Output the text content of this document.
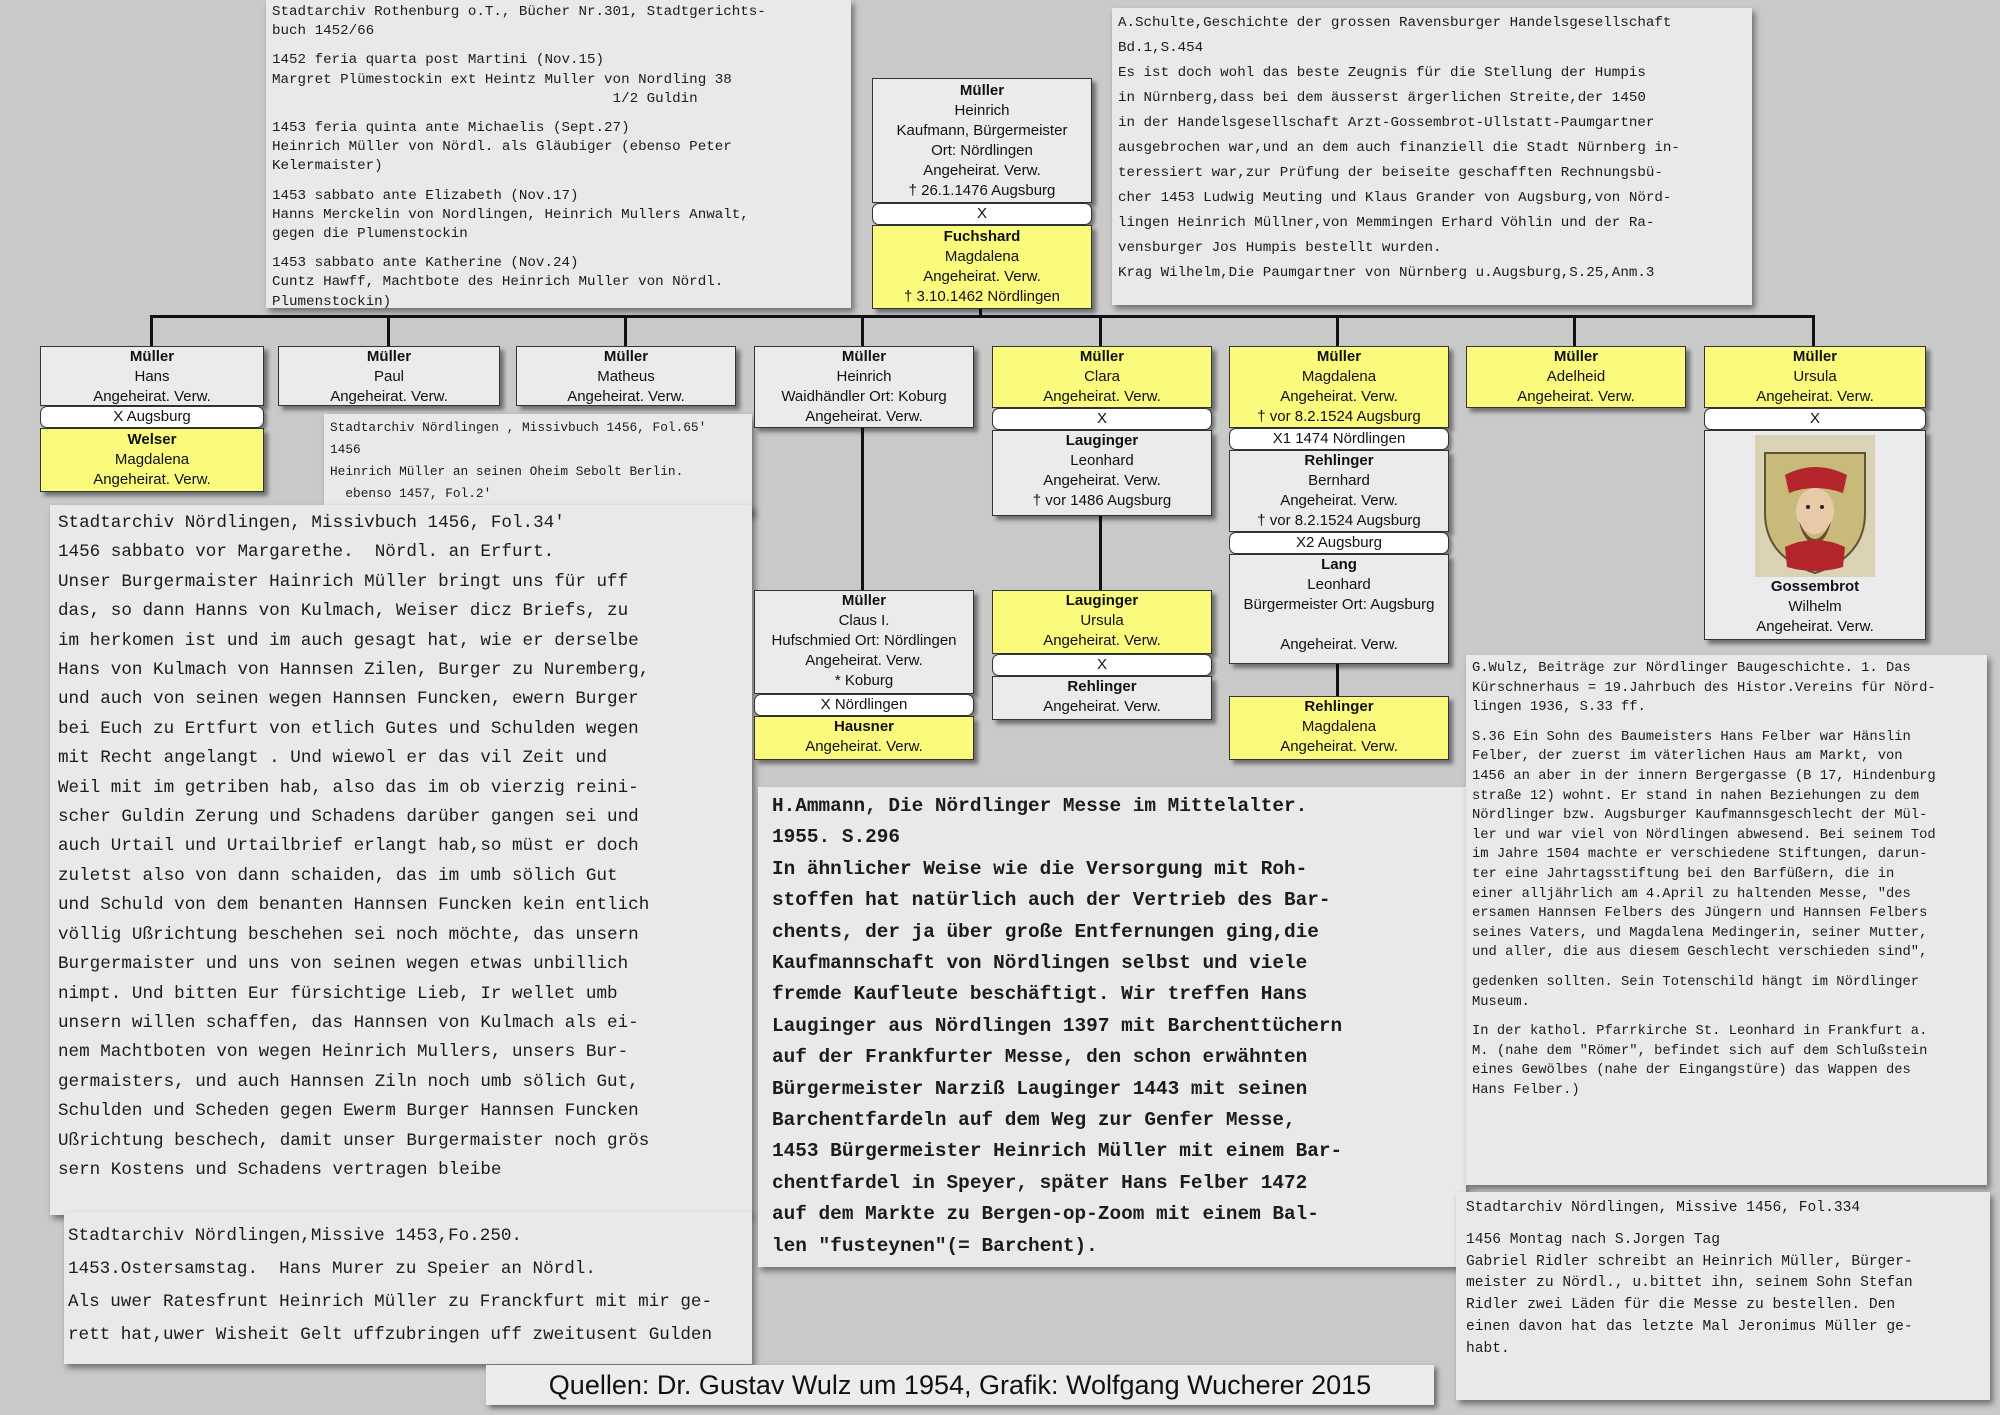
Stadtarchiv Rothenburg o.T., Bücher Nr.301, Stadtgerichts-
buch 1452/66
1452 feria quarta post Martini (Nov.15)
Margret Plümestockin ext Heintz Muller von Nordling 38
1/2 Guldin
1453 feria quinta ante Michaelis (Sept.27)
Heinrich Müller von Nördl. als Gläubiger (ebenso Peter
Kelermaister)
1453 sabbato ante Elizabeth (Nov.17)
Hanns Merckelin von Nordlingen, Heinrich Mullers Anwalt,
gegen die Plumenstockin
1453 sabbato ante Katherine (Nov.24)
Cuntz Hawff, Machtbote des Heinrich Muller von Nördl.
Plumenstockin)
A.Schulte,Geschichte der grossen Ravensburger Handelsgesellschaft
Bd.1,S.454
Es ist doch wohl das beste Zeugnis für die Stellung der Humpis
in Nürnberg,dass bei dem äusserst ärgerlichen Streite,der 1450
in der Handelsgesellschaft Arzt-Gossembrot-Ullstatt-Paumgartner
ausgebrochen war,und an dem auch finanziell die Stadt Nürnberg in-
teressiert war,zur Prüfung der beiseite geschafften Rechnungsbü-
cher 1453 Ludwig Meuting und Klaus Grander von Augsburg,von Nörd-
lingen Heinrich Müllner,von Memmingen Erhard Vöhlin und der Ra-
vensburger Jos Humpis bestellt wurden.
Krag Wilhelm,Die Paumgartner von Nürnberg u.Augsburg,S.25,Anm.3
Stadtarchiv Nördlingen , Missivbuch 1456, Fol.65'
1456
Heinrich Müller an seinen Oheim Sebolt Berlin.
ebenso 1457, Fol.2'
Stadtarchiv Nördlingen, Missivbuch 1456, Fol.34'
1456 sabbato vor Margarethe.  Nördl. an Erfurt.
Unser Burgermaister Hainrich Müller bringt uns für uff
das, so dann Hanns von Kulmach, Weiser dicz Briefs, zu
im herkomen ist und im auch gesagt hat, wie er derselbe
Hans von Kulmach von Hannsen Zilen, Burger zu Nuremberg,
und auch von seinen wegen Hannsen Funcken, ewern Burger
bei Euch zu Ertfurt von etlich Gutes und Schulden wegen
mit Recht angelangt . Und wiewol er das vil Zeit und
Weil mit im getriben hab, also das im ob vierzig reini-
scher Guldin Zerung und Schadens darüber gangen sei und
auch Urtail und Urtailbrief erlangt hab,so müst er doch
zuletst also von dann schaiden, das im umb sölich Gut
und Schuld von dem benanten Hannsen Funcken kein entlich
völlig Ußrichtung beschehen sei noch möchte, das unsern
Burgermaister und uns von seinen wegen etwas unbillich
nimpt. Und bitten Eur fürsichtige Lieb, Ir wellet umb
unsern willen schaffen, das Hannsen von Kulmach als ei-
nem Machtboten von wegen Heinrich Mullers, unsers Bur-
germaisters, und auch Hannsen Ziln noch umb sölich Gut,
Schulden und Scheden gegen Ewerm Burger Hannsen Funcken
Ußrichtung beschech, damit unser Burgermaister noch grös
sern Kostens und Schadens vertragen bleibe
Stadtarchiv Nördlingen,Missive 1453,Fo.250.
1453.Ostersamstag.  Hans Murer zu Speier an Nördl.
Als uwer Ratesfrunt Heinrich Müller zu Franckfurt mit mir ge-
rett hat,uwer Wisheit Gelt uffzubringen uff zweitusent Gulden
H.Ammann, Die Nördlinger Messe im Mittelalter.
1955. S.296
In ähnlicher Weise wie die Versorgung mit Roh-
stoffen hat natürlich auch der Vertrieb des Bar-
chents, der ja über große Entfernungen ging,die
Kaufmannschaft von Nördlingen selbst und viele
fremde Kaufleute beschäftigt. Wir treffen Hans
Lauginger aus Nördlingen 1397 mit Barchenttüchern
auf der Frankfurter Messe, den schon erwähnten
Bürgermeister Narziß Lauginger 1443 mit seinen
Barchentfardeln auf dem Weg zur Genfer Messe,
1453 Bürgermeister Heinrich Müller mit einem Bar-
chentfardel in Speyer, später Hans Felber 1472
auf dem Markte zu Bergen-op-Zoom mit einem Bal-
len "fusteynen"(= Barchent).
G.Wulz, Beiträge zur Nördlinger Baugeschichte. 1. Das
Kürschnerhaus = 19.Jahrbuch des Histor.Vereins für Nörd-
lingen 1936, S.33 ff.
S.36 Ein Sohn des Baumeisters Hans Felber war Hänslin
Felber, der zuerst im väterlichen Haus am Markt, von
1456 an aber in der innern Bergergasse (B 17, Hindenburg
straße 12) wohnt. Er stand in nahen Beziehungen zu dem
Nördlinger bzw. Augsburger Kaufmannsgeschlecht der Mül-
ler und war viel von Nördlingen abwesend. Bei seinem Tod
im Jahre 1504 machte er verschiedene Stiftungen, darun-
ter eine Jahrtagsstiftung bei den Barfüßern, die in
einer alljährlich am 4.April zu haltenden Messe, "des
ersamen Hannsen Felbers des Jüngern und Hannsen Felbers
seines Vaters, und Magdalena Medingerin, seiner Mutter,
und aller, die aus diesem Geschlecht verschieden sind",
gedenken sollten. Sein Totenschild hängt im Nördlinger
Museum.
In der kathol. Pfarrkirche St. Leonhard in Frankfurt a.
M. (nahe dem "Römer", befindet sich auf dem Schlußstein
eines Gewölbes (nahe der Eingangstüre) das Wappen des
Hans Felber.)
Stadtarchiv Nördlingen, Missive 1456, Fol.334
1456 Montag nach S.Jorgen Tag
Gabriel Ridler schreibt an Heinrich Müller, Bürger-
meister zu Nördl., u.bittet ihn, seinem Sohn Stefan
Ridler zwei Läden für die Messe zu bestellen. Den
einen davon hat das letzte Mal Jeronimus Müller ge-
habt.
Müller
Heinrich
Kaufmann, Bürgermeister
Ort: Nördlingen
Angeheirat. Verw.
† 26.1.1476 Augsburg
X
Fuchshard
Magdalena
Angeheirat. Verw.
† 3.10.1462 Nördlingen
Müller
Hans
Angeheirat. Verw.
X Augsburg
Welser
Magdalena
Angeheirat. Verw.
Müller
Paul
Angeheirat. Verw.
Müller
Matheus
Angeheirat. Verw.
Müller
Heinrich
Waidhändler Ort: Koburg
Angeheirat. Verw.
Müller
Claus I.
Hufschmied Ort: Nördlingen
Angeheirat. Verw.
* Koburg
X Nördlingen
Hausner
Angeheirat. Verw.
Müller
Clara
Angeheirat. Verw.
X
Lauginger
Leonhard
Angeheirat. Verw.
† vor 1486 Augsburg
Lauginger
Ursula
Angeheirat. Verw.
X
Rehlinger
Angeheirat. Verw.
Müller
Magdalena
Angeheirat. Verw.
† vor 8.2.1524 Augsburg
X1 1474 Nördlingen
Rehlinger
Bernhard
Angeheirat. Verw.
† vor 8.2.1524 Augsburg
X2 Augsburg
Lang
Leonhard
Bürgermeister Ort: Augsburg
Angeheirat. Verw.
Rehlinger
Magdalena
Angeheirat. Verw.
Müller
Adelheid
Angeheirat. Verw.
Müller
Ursula
Angeheirat. Verw.
X
Gossembrot
Wilhelm
Angeheirat. Verw.
Quellen: Dr. Gustav Wulz um 1954, Grafik: Wolfgang Wucherer 2015
